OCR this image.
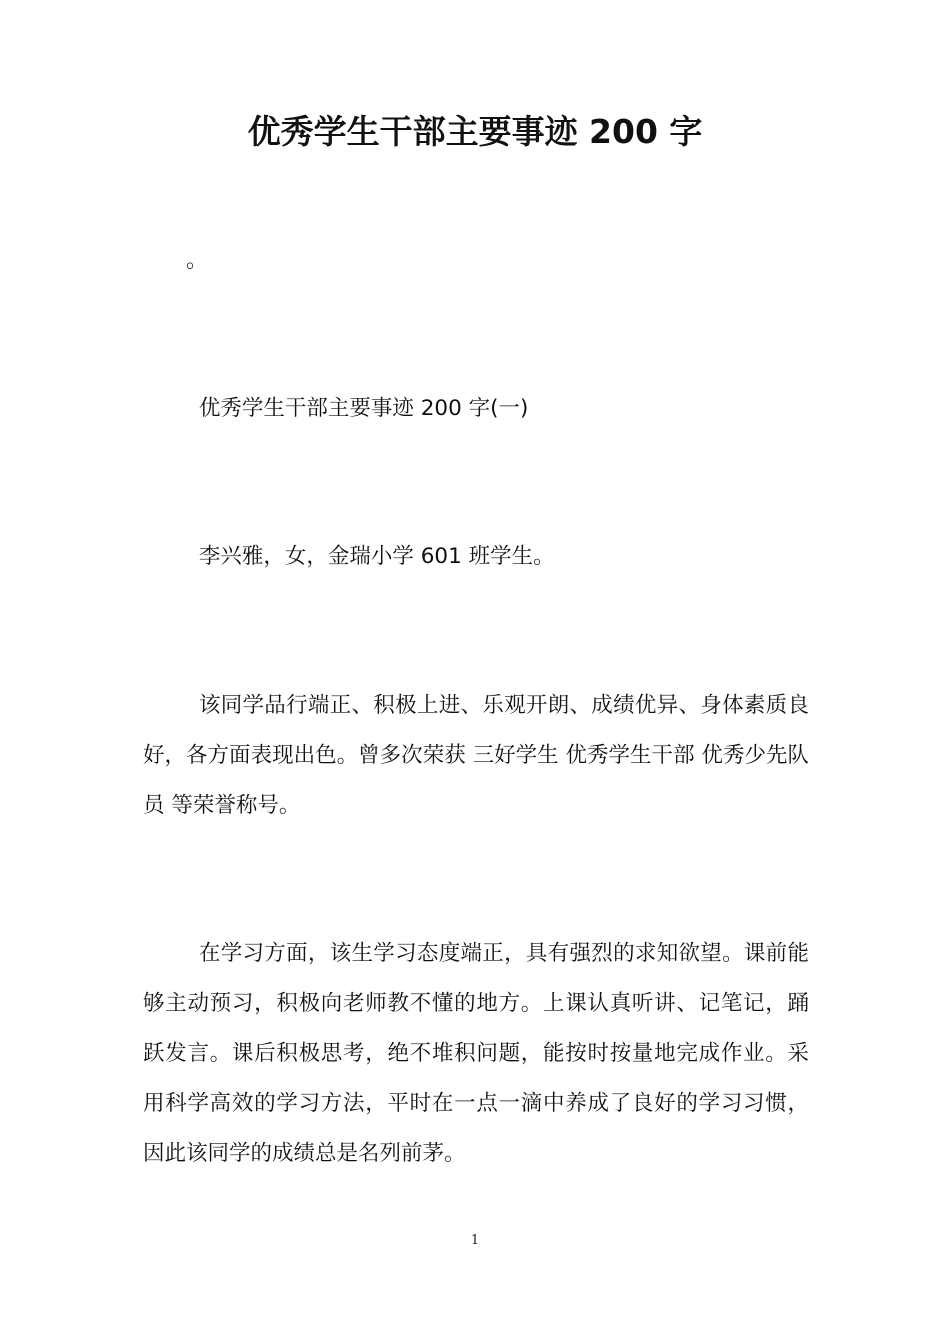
优秀学生干部主要事迹 200 字
。

优秀学生干部主要事迹 200 字(一)

李兴雅，女，金瑞小学 601 班学生。

该同学品行端正、积极上进、乐观开朗、成绩优异、身体素质良好，各方面表现出色。曾多次荣获 三好学生 优秀学生干部 优秀少先队员 等荣誉称号。

在学习方面，该生学习态度端正，具有强烈的求知欲望。课前能够主动预习，积极向老师教不懂的地方。上课认真听讲、记笔记，踊跃发言。课后积极思考，绝不堆积问题，能按时按量地完成作业。采用科学高效的学习方法，平时在一点一滴中养成了良好的学习习惯，因此该同学的成绩总是名列前茅。

1
